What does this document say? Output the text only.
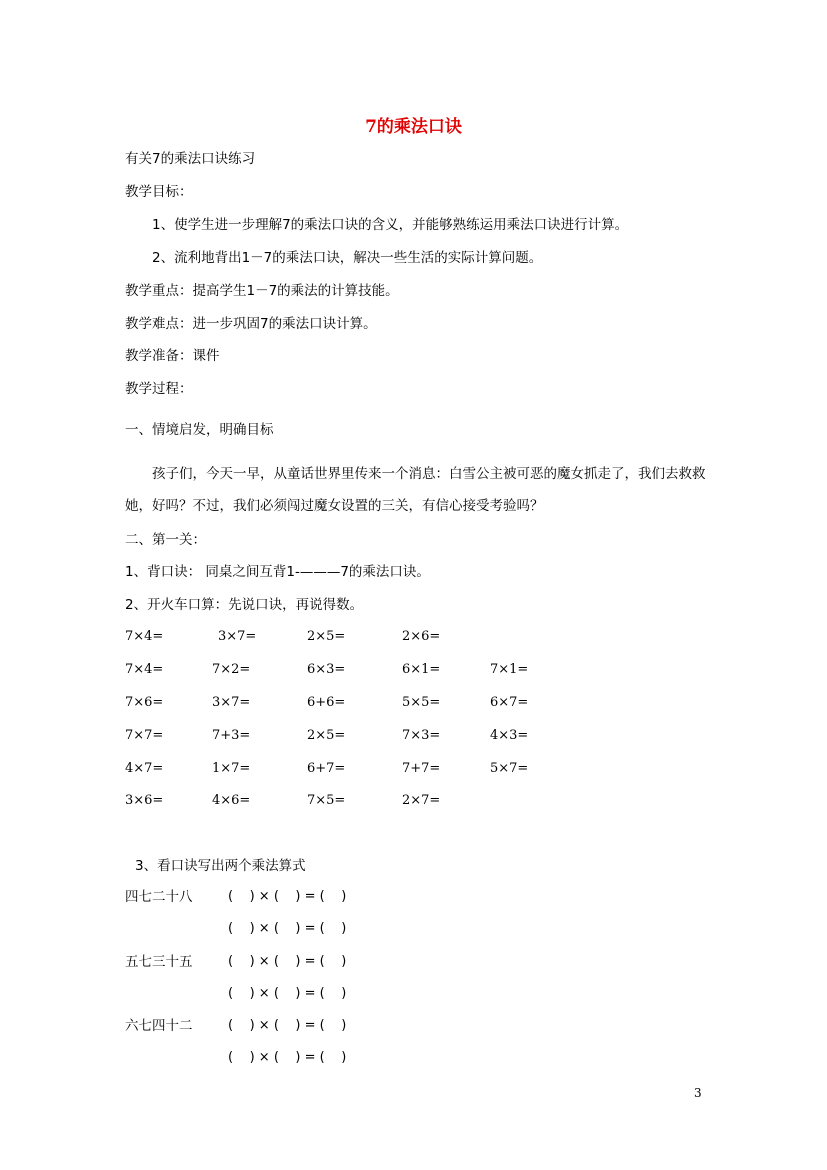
7的乘法口诀
有关7的乘法口诀练习
教学目标：
1、使学生进一步理解7的乘法口诀的含义，并能够熟练运用乘法口诀进行计算。
2、流利地背出1－7的乘法口诀，解决一些生活的实际计算问题。
教学重点：提高学生1－7的乘法的计算技能。
教学难点：进一步巩固7的乘法口诀计算。
教学准备：课件
教学过程：
一、情境启发，明确目标
孩子们，今天一早，从童话世界里传来一个消息：白雪公主被可恶的魔女抓走了，我们去救救她，好吗？不过，我们必须闯过魔女设置的三关，有信心接受考验吗？
二、第一关：
1、背口诀： 同桌之间互背1-———7的乘法口诀。
2、开火车口算：先说口诀，再说得数。
7×4=	3×7=	2×5=	2×6=
7×4=	7×2=	6×3=	6×1=	7×1=
7×6=	3×7=	6+6=	5×5=	6×7=
7×7=	7+3=	2×5=	7×3=	4×3=
4×7=	1×7=	6+7=	7+7=	5×7=
3×6=	4×6=	7×5=	2×7=
3、看口诀写出两个乘法算式
四七二十八	(    ) × (    ) = (    )
(    ) × (    ) = (    )
五七三十五	(    ) × (    ) = (    )
(    ) × (    ) = (    )
六七四十二	(    ) × (    ) = (    )
(    ) × (    ) = (    )
3
